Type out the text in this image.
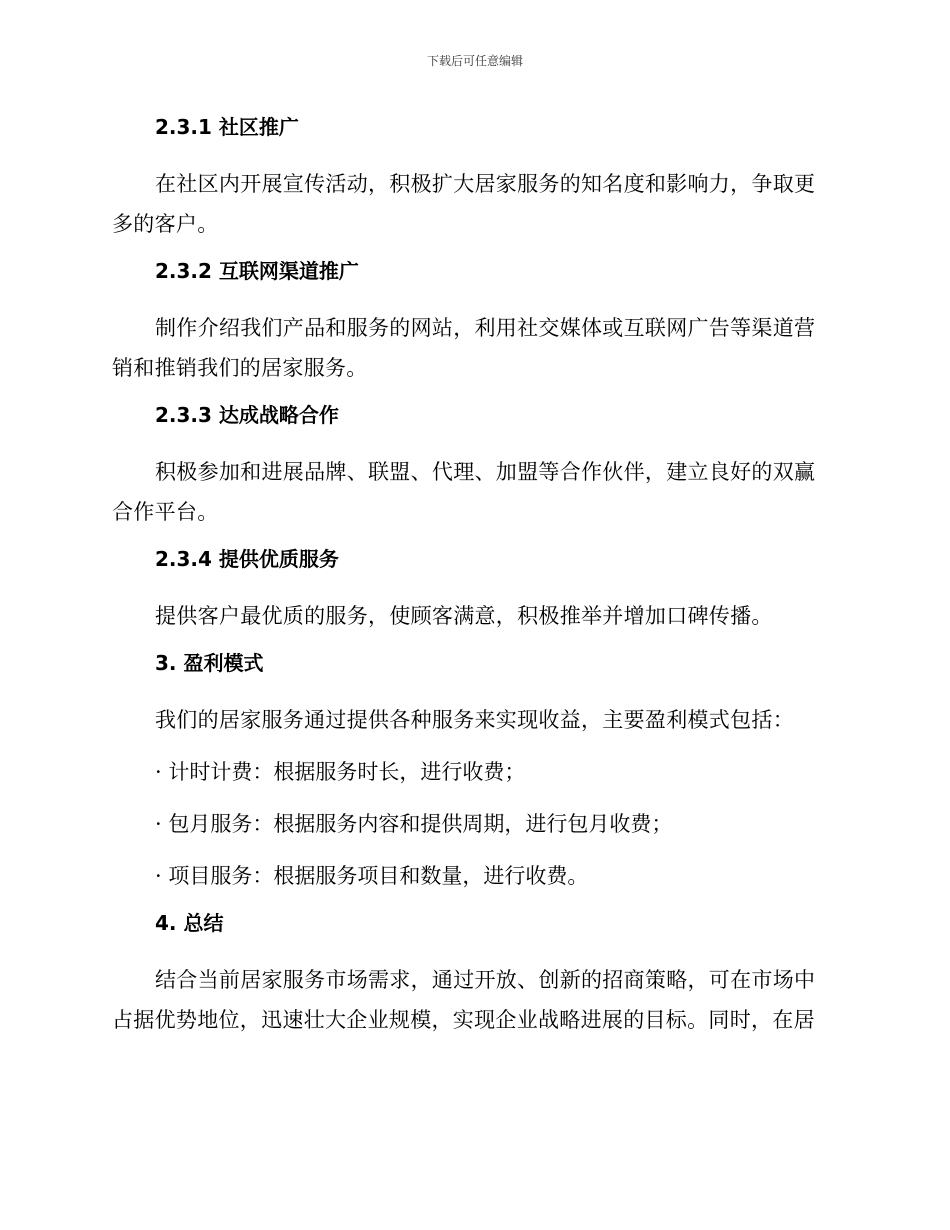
下载后可任意编辑
2.3.1 社区推广
在社区内开展宣传活动，积极扩大居家服务的知名度和影响力，争取更多的客户。
2.3.2 互联网渠道推广
制作介绍我们产品和服务的网站，利用社交媒体或互联网广告等渠道营销和推销我们的居家服务。
2.3.3 达成战略合作
积极参加和进展品牌、联盟、代理、加盟等合作伙伴，建立良好的双赢合作平台。
2.3.4 提供优质服务
提供客户最优质的服务，使顾客满意，积极推举并增加口碑传播。
3. 盈利模式
我们的居家服务通过提供各种服务来实现收益，主要盈利模式包括：
· 计时计费：根据服务时长，进行收费；
· 包月服务：根据服务内容和提供周期，进行包月收费；
· 项目服务：根据服务项目和数量，进行收费。
4. 总结
结合当前居家服务市场需求，通过开放、创新的招商策略，可在市场中占据优势地位，迅速壮大企业规模，实现企业战略进展的目标。同时，在居
